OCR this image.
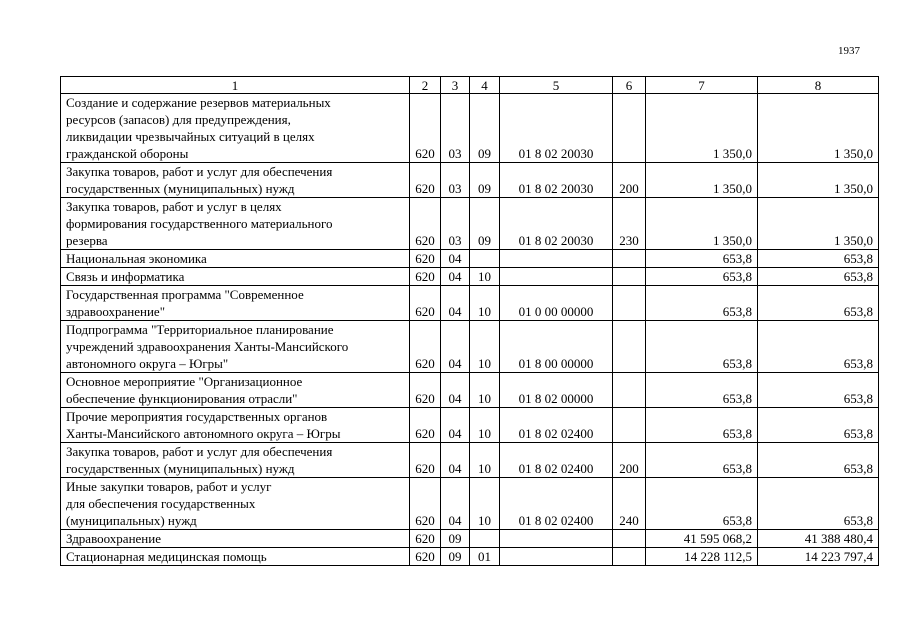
1937
1	2	3	4	5	6	7	8
Создание и содержание резервов материальных
ресурсов (запасов) для предупреждения,
ликвидации чрезвычайных ситуаций в целях
гражданской обороны	620	03	09	01 8 02 20030		1 350,0	1 350,0
Закупка товаров, работ и услуг для обеспечения
государственных (муниципальных) нужд	620	03	09	01 8 02 20030	200	1 350,0	1 350,0
Закупка товаров, работ и услуг в целях
формирования государственного материального
резерва	620	03	09	01 8 02 20030	230	1 350,0	1 350,0
Национальная экономика	620	04				653,8	653,8
Связь и информатика	620	04	10			653,8	653,8
Государственная программа "Современное
здравоохранение"	620	04	10	01 0 00 00000		653,8	653,8
Подпрограмма "Территориальное планирование
учреждений здравоохранения Ханты-Мансийского
автономного округа – Югры"	620	04	10	01 8 00 00000		653,8	653,8
Основное мероприятие "Организационное
обеспечение функционирования отрасли"	620	04	10	01 8 02 00000		653,8	653,8
Прочие мероприятия государственных органов
Ханты-Мансийского автономного округа – Югры	620	04	10	01 8 02 02400		653,8	653,8
Закупка товаров, работ и услуг для обеспечения
государственных (муниципальных) нужд	620	04	10	01 8 02 02400	200	653,8	653,8
Иные закупки товаров, работ и услуг
для обеспечения государственных
(муниципальных) нужд	620	04	10	01 8 02 02400	240	653,8	653,8
Здравоохранение	620	09				41 595 068,2	41 388 480,4
Стационарная медицинская помощь	620	09	01			14 228 112,5	14 223 797,4
